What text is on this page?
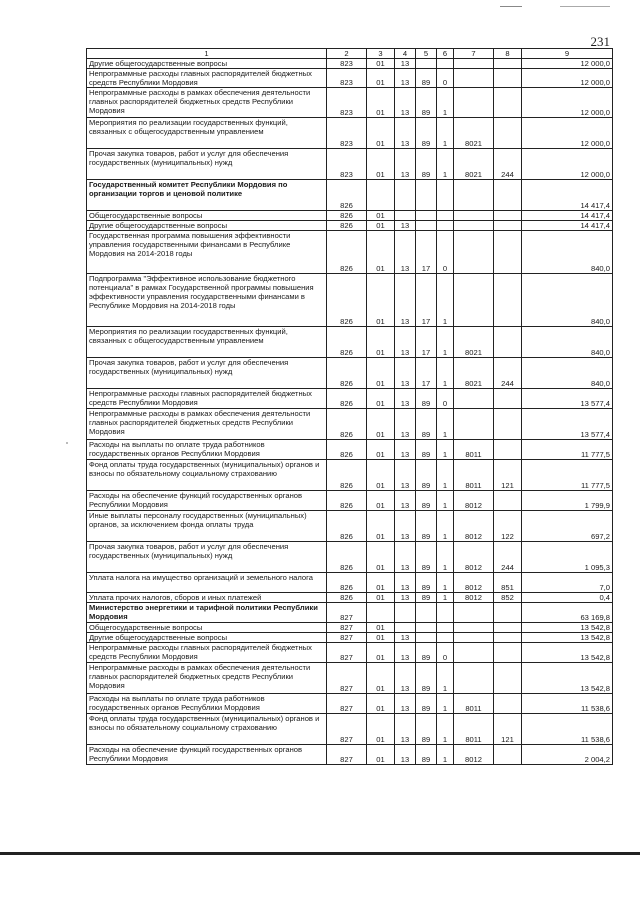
231
1	2	3	4	5	6	7	8	9
Другие общегосударственные вопросы	823	01	13					12 000,0
Непрограммные расходы главных распорядителей бюджетных средств Республики Мордовия	823	01	13	89	0			12 000,0
Непрограммные расходы в рамках обеспечения деятельности главных распорядителей бюджетных средств Республики Мордовия	823	01	13	89	1			12 000,0
Мероприятия по реализации государственных функций, связанных с общегосударственным управлением	823	01	13	89	1	8021		12 000,0
Прочая закупка товаров, работ и услуг для обеспечения государственных (муниципальных) нужд	823	01	13	89	1	8021	244	12 000,0
Государственный комитет Республики Мордовия по организации торгов и ценовой политике	826							14 417,4
Общегосударственные вопросы	826	01						14 417,4
Другие общегосударственные вопросы	826	01	13					14 417,4
Государственная программа повышения эффективности управления государственными финансами в Республике Мордовия на 2014-2018 годы	826	01	13	17	0			840,0
Подпрограмма "Эффективное использование бюджетного потенциала" в рамках Государственной программы повышения эффективности управления государственными финансами в Республике Мордовия на 2014-2018 годы	826	01	13	17	1			840,0
Мероприятия по реализации государственных функций, связанных с общегосударственным управлением	826	01	13	17	1	8021		840,0
Прочая закупка товаров, работ и услуг для обеспечения государственных (муниципальных) нужд	826	01	13	17	1	8021	244	840,0
Непрограммные расходы главных распорядителей бюджетных средств Республики Мордовия	826	01	13	89	0			13 577,4
Непрограммные расходы в рамках обеспечения деятельности главных распорядителей бюджетных средств Республики Мордовия	826	01	13	89	1			13 577,4
Расходы на выплаты по оплате труда работников государственных органов Республики Мордовия	826	01	13	89	1	8011		11 777,5
Фонд оплаты труда государственных (муниципальных) органов и взносы по обязательному социальному страхованию	826	01	13	89	1	8011	121	11 777,5
Расходы на обеспечение функций государственных органов Республики Мордовия	826	01	13	89	1	8012		1 799,9
Иные выплаты персоналу государственных (муниципальных) органов, за исключением фонда оплаты труда	826	01	13	89	1	8012	122	697,2
Прочая закупка товаров, работ и услуг для обеспечения государственных (муниципальных) нужд	826	01	13	89	1	8012	244	1 095,3
Уплата налога на имущество организаций и земельного налога	826	01	13	89	1	8012	851	7,0
Уплата прочих налогов, сборов и иных платежей	826	01	13	89	1	8012	852	0,4
Министерство энергетики и тарифной политики Республики Мордовия	827							63 169,8
Общегосударственные вопросы	827	01						13 542,8
Другие общегосударственные вопросы	827	01	13					13 542,8
Непрограммные расходы главных распорядителей бюджетных средств Республики Мордовия	827	01	13	89	0			13 542,8
Непрограммные расходы в рамках обеспечения деятельности главных распорядителей бюджетных средств Республики Мордовия	827	01	13	89	1			13 542,8
Расходы на выплаты по оплате труда работников государственных органов Республики Мордовия	827	01	13	89	1	8011		11 538,6
Фонд оплаты труда государственных (муниципальных) органов и взносы по обязательному социальному страхованию	827	01	13	89	1	8011	121	11 538,6
Расходы на обеспечение функций государственных органов Республики Мордовия	827	01	13	89	1	8012		2 004,2
